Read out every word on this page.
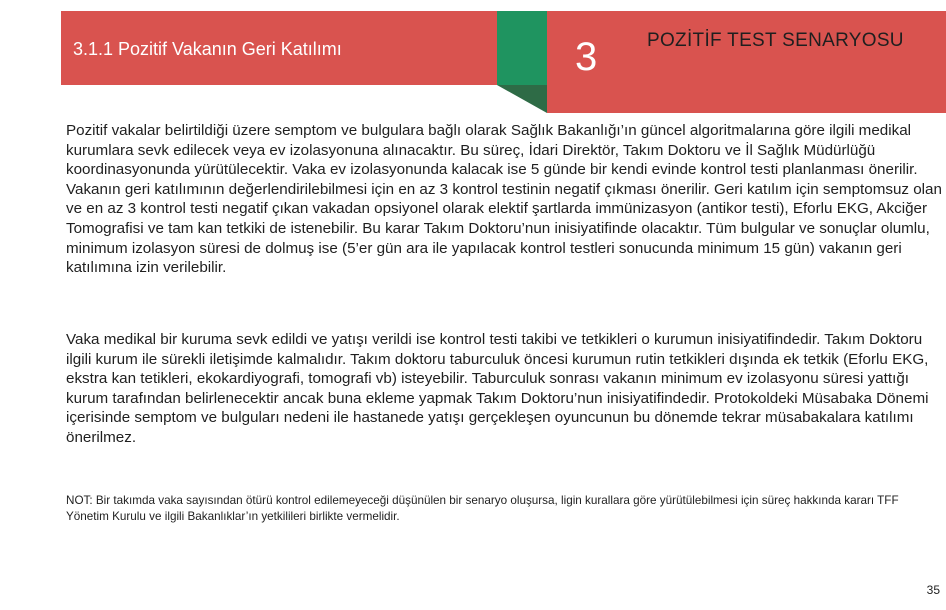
3.1.1 Pozitif Vakanın Geri Katılımı	3	POZİTİF TEST SENARYOSU

Pozitif vakalar belirtildiği üzere semptom ve bulgulara bağlı olarak Sağlık Bakanlığı’ın güncel algoritmalarına göre ilgili medikal kurumlara sevk edilecek veya ev izolasyonuna alınacaktır. Bu süreç, İdari Direktör, Takım Doktoru ve İl Sağlık Müdürlüğü koordinasyonunda yürütülecektir. Vaka ev izolasyonunda kalacak ise 5 günde bir kendi evinde kontrol testi planlanması önerilir. Vakanın geri katılımının değerlendirilebilmesi için en az 3 kontrol testinin negatif çıkması önerilir. Geri katılım için semptomsuz olan ve en az 3 kontrol testi negatif çıkan vakadan opsiyonel olarak elektif şartlarda immünizasyon (antikor testi), Eforlu EKG, Akciğer Tomografisi ve tam kan tetkiki de istenebilir. Bu karar Takım Doktoru’nun inisiyatifinde olacaktır. Tüm bulgular ve sonuçlar olumlu, minimum izolasyon süresi de dolmuş ise (5’er gün ara ile yapılacak kontrol testleri sonucunda minimum 15 gün) vakanın geri katılımına izin verilebilir.

Vaka medikal bir kuruma sevk edildi ve yatışı verildi ise kontrol testi takibi ve tetkikleri o kurumun inisiyatifindedir. Takım Doktoru ilgili kurum ile sürekli iletişimde kalmalıdır. Takım doktoru taburculuk öncesi kurumun rutin tetkikleri dışında ek tetkik (Eforlu EKG, ekstra kan tetikleri, ekokardiyografi, tomografi vb) isteyebilir. Taburculuk sonrası vakanın minimum ev izolasyonu süresi yattığı kurum tarafından belirlenecektir ancak buna ekleme yapmak Takım Doktoru’nun inisiyatifindedir. Protokoldeki Müsabaka Dönemi içerisinde semptom ve bulguları nedeni ile hastanede yatışı gerçekleşen oyuncunun bu dönemde tekrar müsabakalara katılımı önerilmez.

NOT: Bir takımda vaka sayısından ötürü kontrol edilemeyeceği düşünülen bir senaryo oluşursa, ligin kurallara göre yürütülebilmesi için süreç hakkında kararı TFF Yönetim Kurulu ve ilgili Bakanlıklar’ın yetkilileri birlikte vermelidir.

35
